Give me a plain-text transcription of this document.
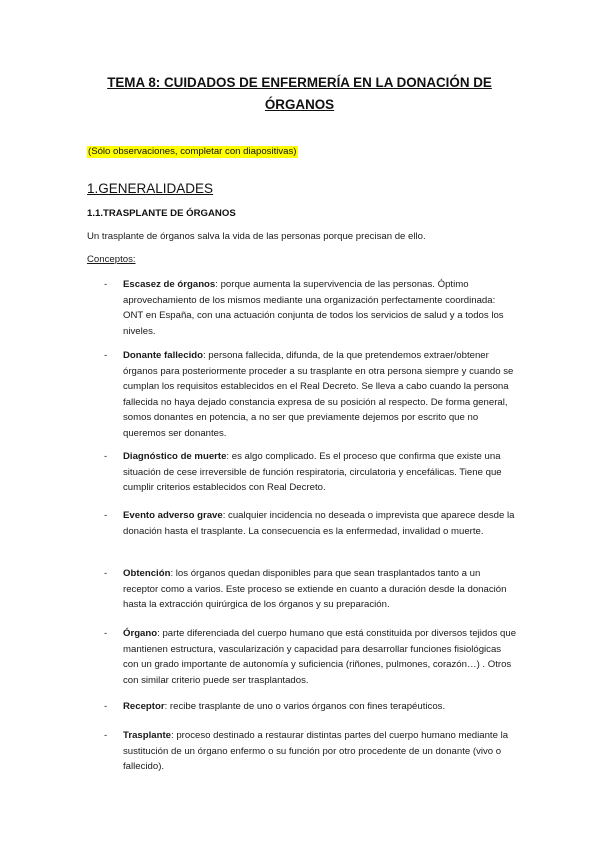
TEMA 8: CUIDADOS DE ENFERMERÍA EN LA DONACIÓN DE
ÓRGANOS
(Sólo observaciones, completar con diapositivas)
1.GENERALIDADES
1.1.TRASPLANTE DE ÓRGANOS
Un trasplante de órganos salva la vida de las personas porque precisan de ello.
Conceptos:
-	Escasez de órganos: porque aumenta la supervivencia de las personas. Óptimo aprovechamiento de los mismos mediante una organización perfectamente coordinada: ONT en España, con una actuación conjunta de todos los servicios de salud y a todos los niveles.
-	Donante fallecido: persona fallecida, difunda, de la que pretendemos extraer/obtener órganos para posteriormente proceder a su trasplante en otra persona siempre y cuando se cumplan los requisitos establecidos en el Real Decreto. Se lleva a cabo cuando la persona fallecida no haya dejado constancia expresa de su posición al respecto. De forma general, somos donantes en potencia, a no ser que previamente dejemos por escrito que no queremos ser donantes.
-	Diagnóstico de muerte: es algo complicado. Es el proceso que confirma que existe una situación de cese irreversible de función respiratoria, circulatoria y encefálicas. Tiene que cumplir criterios establecidos con Real Decreto.
-	Evento adverso grave: cualquier incidencia no deseada o imprevista que aparece desde la donación hasta el trasplante. La consecuencia es la enfermedad, invalidad o muerte.
-	Obtención: los órganos quedan disponibles para que sean trasplantados tanto a un receptor como a varios. Este proceso se extiende en cuanto a duración desde la donación hasta la extracción quirúrgica de los órganos y su preparación.
-	Órgano: parte diferenciada del cuerpo humano que está constituida por diversos tejidos que mantienen estructura, vascularización y capacidad para desarrollar funciones fisiológicas con un grado importante de autonomía y suficiencia (riñones, pulmones, corazón…) . Otros con similar criterio puede ser trasplantados.
-	Receptor: recibe trasplante de uno o varios órganos con fines terapéuticos.
-	Trasplante: proceso destinado a restaurar distintas partes del cuerpo humano mediante la sustitución de un órgano enfermo o su función por otro procedente de un donante (vivo o fallecido).
